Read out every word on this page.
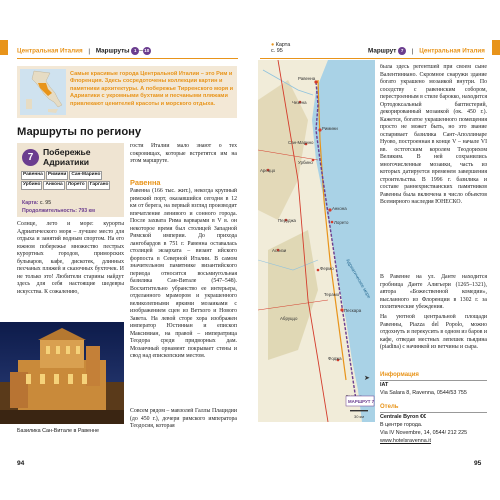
Центральная Италия | Маршруты 1 –10
Самые красивые города Центральной Италии – это Рим и Флоренция. Здесь сосредоточены коллекции картин и памятники архитектуры. А побережье Тирренского моря и Адриатики с укромными бухтами и песчаными пляжами привлекают ценителей красоты и морского отдыха.
Маршруты по региону
7	Побережье
Адриатики
Равенна Римини Сан-Марино
Урбино Анкона Лорето Гаргано
Карта: с. 95
Продолжительность: 793 км
Солнце, лето и море: курорты Адриатического моря – лучшее место для отдыха и занятий водным спортом. На его южном побережье множество пестрых курортных городов, приморских бульваров, кафе, дискотек, длинных песчаных пляжей и сказочных бухточек. И не только это! Любители старины найдут здесь для себя настоящие шедевры искусства. К сожалению,
Базилика Сан-Витале в Равенне
гости Италии мало знают о тех сокровищах, которые встретятся им на этом маршруте.
Равенна
Равенна (166 тыс. жит.), некогда крупный римский порт, оказавшийся сегодня в 12 км от берега, на первый взгляд производит впечатление ленивого и сонного города. После захвата Рима варварами в V в. он некоторое время был столицей Западной Римской империи. До прихода лангобардов в 751 г. Равенна оставалась столицей экзархата – визант ийского форпоста в Северной Италии. В самом значительном памятнике византийского периода относится восьмиугольная базилика Сан-Витале (547–548). Восхитительно убранство ее интерьера, отделанного мрамором и украшенного великолепными яркими мозаиками с изображением сцен из Ветхого и Нового Завета. На левой сторе хора изображен император Юстиниан и епископ Максимиан, на правой – императрица Теодора среди придворных дам. Мозаичный орнамент покрывает стены и свод над епископским местом.
Совсем рядом – мавзолей Галлы Плацидии (до 450 г.), дочери римского императора Теодосия, которая
94
● Карта
с. 95	Маршрут 7 | Центральная Италия
Равенна
Римини
Сан-Марино
Урбино
Анкона
Лорето
Фермо
Пескара
Ассизи
Перуджа
Ареццо
Чезена
Терамо
Фоджа
Абруццо
Адриатическое море
МАРШРУТ 7
30 км
➤
была здесь регентшей при своем сыне Валентиниано. Скромное снаружи здание богато украшено мозаикой внутри. По соседству с равеннским собором, перестроенным в стиле барокко, находится Ортодоксальный баптистерий, декорированный мозаикой (ок. 450 г.). Кажется, богатое украшенного помещения просто не может быть, но это звание оспаривает базилика Сант-Аполлинаре Нуово, построенная в конце V – начале VI вв. остготским королем Теодорихом Великим. В ней сохранились многочисленные мозаики, часть из которых датируется временем завершения строительства. В 1996 г. базилика и составе раннехристианских памятников Равенны была включена в число объектов Всемирного наследия ЮНЕСКО.
В Равенне на ул. Данте находится гробница Данте Алигьери (1265–1321), автора «Божественной комедии», высланного из Флоренции в 1302 г. за политические убеждения.
На уютной центральной площади Равенны, Piazza del Popolo, можно отдохнуть и перекусить в одном из баров и кафе, отведав местных лепешек пьядина (piadina) с начинкой из ветчины и сыра.
Информация
IAT
Via Salara 8, Ravenna, 0544/53 755
Отель
Centrale Byron €€
В центре города.
Via IV Novembre, 14, 0544/ 212 225
www.hotelsravenna.it
95
